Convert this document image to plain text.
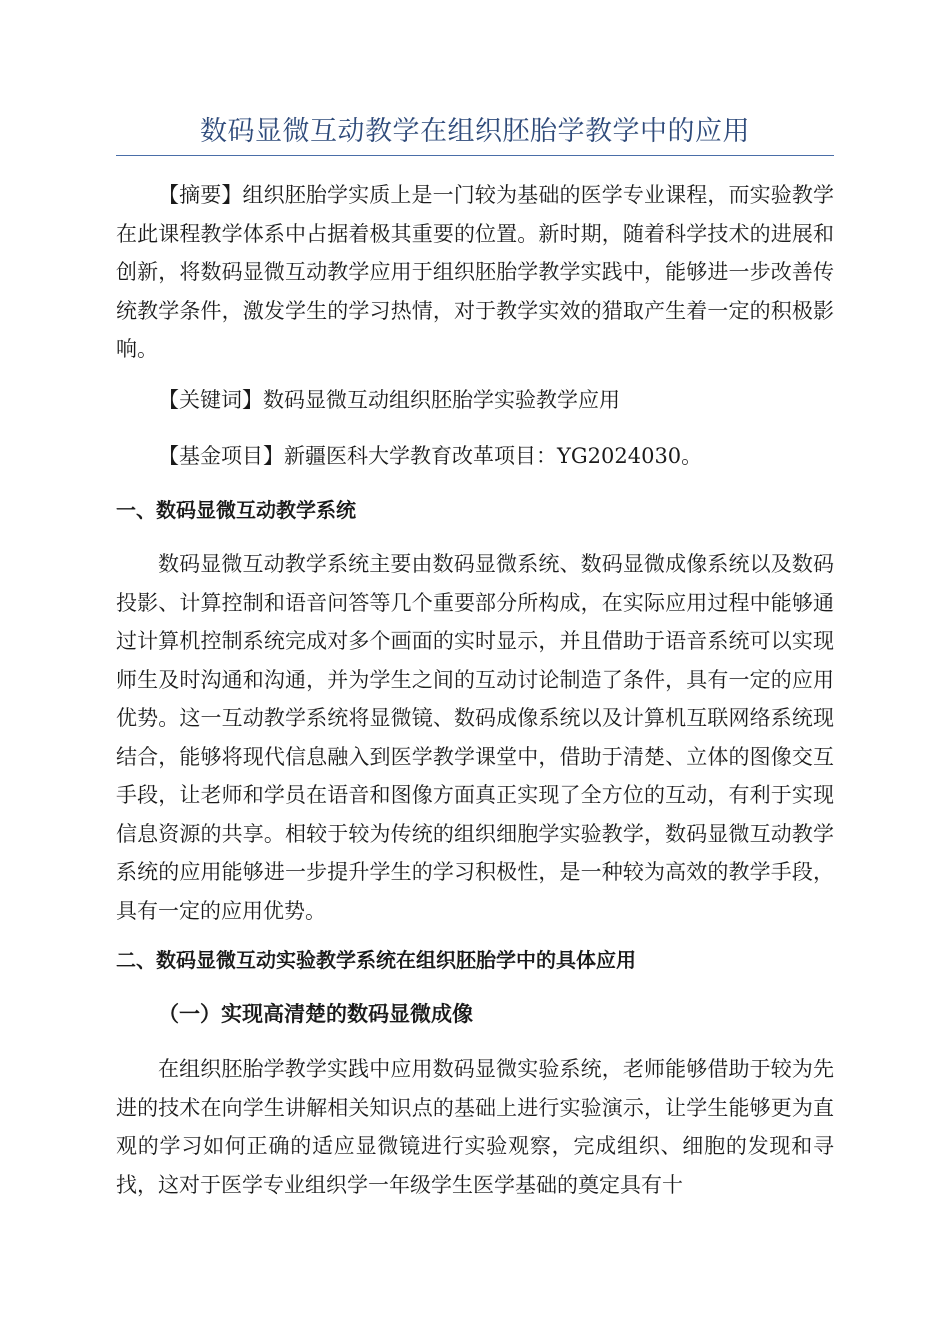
数码显微互动教学在组织胚胎学教学中的应用

【摘要】组织胚胎学实质上是一门较为基础的医学专业课程，而实验教学在此课程教学体系中占据着极其重要的位置。新时期，随着科学技术的进展和创新，将数码显微互动教学应用于组织胚胎学教学实践中，能够进一步改善传统教学条件，激发学生的学习热情，对于教学实效的猎取产生着一定的积极影响。

【关键词】数码显微互动组织胚胎学实验教学应用

【基金项目】新疆医科大学教育改革项目：YG2024030。

一、数码显微互动教学系统

数码显微互动教学系统主要由数码显微系统、数码显微成像系统以及数码投影、计算控制和语音问答等几个重要部分所构成，在实际应用过程中能够通过计算机控制系统完成对多个画面的实时显示，并且借助于语音系统可以实现师生及时沟通和沟通，并为学生之间的互动讨论制造了条件，具有一定的应用优势。这一互动教学系统将显微镜、数码成像系统以及计算机互联网络系统现结合，能够将现代信息融入到医学教学课堂中，借助于清楚、立体的图像交互手段，让老师和学员在语音和图像方面真正实现了全方位的互动，有利于实现信息资源的共享。相较于较为传统的组织细胞学实验教学，数码显微互动教学系统的应用能够进一步提升学生的学习积极性，是一种较为高效的教学手段，具有一定的应用优势。

二、数码显微互动实验教学系统在组织胚胎学中的具体应用
（一）实现高清楚的数码显微成像

在组织胚胎学教学实践中应用数码显微实验系统，老师能够借助于较为先进的技术在向学生讲解相关知识点的基础上进行实验演示，让学生能够更为直观的学习如何正确的适应显微镜进行实验观察，完成组织、细胞的发现和寻找，这对于医学专业组织学一年级学生医学基础的奠定具有十
